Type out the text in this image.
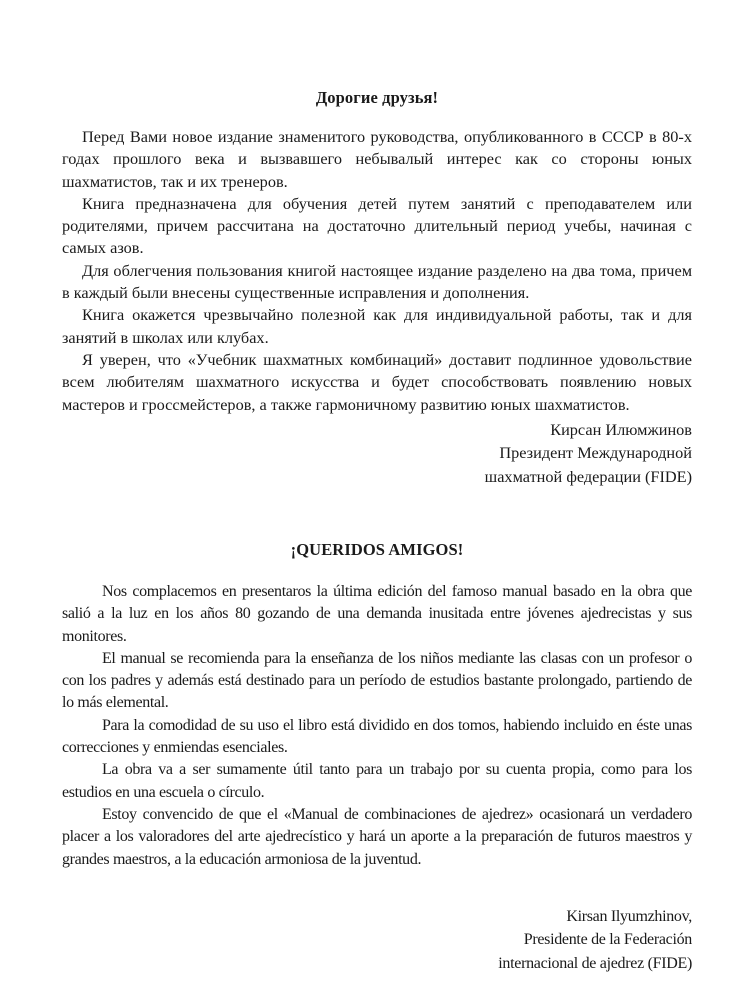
Дорогие друзья!

Перед Вами новое издание знаменитого руководства, опубликованного в СССР в 80-х годах прошлого века и вызвавшего небывалый интерес как со стороны юных шахматистов, так и их тренеров.

Книга предназначена для обучения детей путем занятий с преподавателем или родителями, причем рассчитана на достаточно длительный период учебы, начиная с самых азов.

Для облегчения пользования книгой настоящее издание разделено на два тома, причем в каждый были внесены существенные исправления и дополнения.

Книга окажется чрезвычайно полезной как для индивидуальной работы, так и для занятий в школах или клубах.

Я уверен, что «Учебник шахматных комбинаций» доставит подлинное удовольствие всем любителям шахматного искусства и будет способствовать появлению новых мастеров и гроссмейстеров, а также гармоничному развитию юных шахматистов.

Кирсан Илюмжинов
Президент Международной
шахматной федерации (FIDE)
¡QUERIDOS AMIGOS!

Nos complacemos en presentaros la última edición del famoso manual basado en la obra que salió a la luz en los años 80 gozando de una demanda inusitada entre jóvenes ajedrecistas y sus monitores.

El manual se recomienda para la enseñanza de los niños mediante las clasas con un profesor o con los padres y además está destinado para un período de estudios bastante prolongado, partiendo de lo más elemental.

Para la comodidad de su uso el libro está dividido en dos tomos, habiendo incluido en éste unas correcciones y enmiendas esenciales.

La obra va a ser sumamente útil tanto para un trabajo por su cuenta propia, como para los estudios en una escuela o círculo.

Estoy convencido de que el «Manual de combinaciones de ajedrez» ocasionará un verdadero placer a los valoradores del arte ajedrecístico y hará un aporte a la preparación de futuros maestros y grandes maestros, a la educación armoniosa de la juventud.

Kirsan Ilyumzhinov,
Presidente de la Federación
internacional de ajedrez (FIDE)
